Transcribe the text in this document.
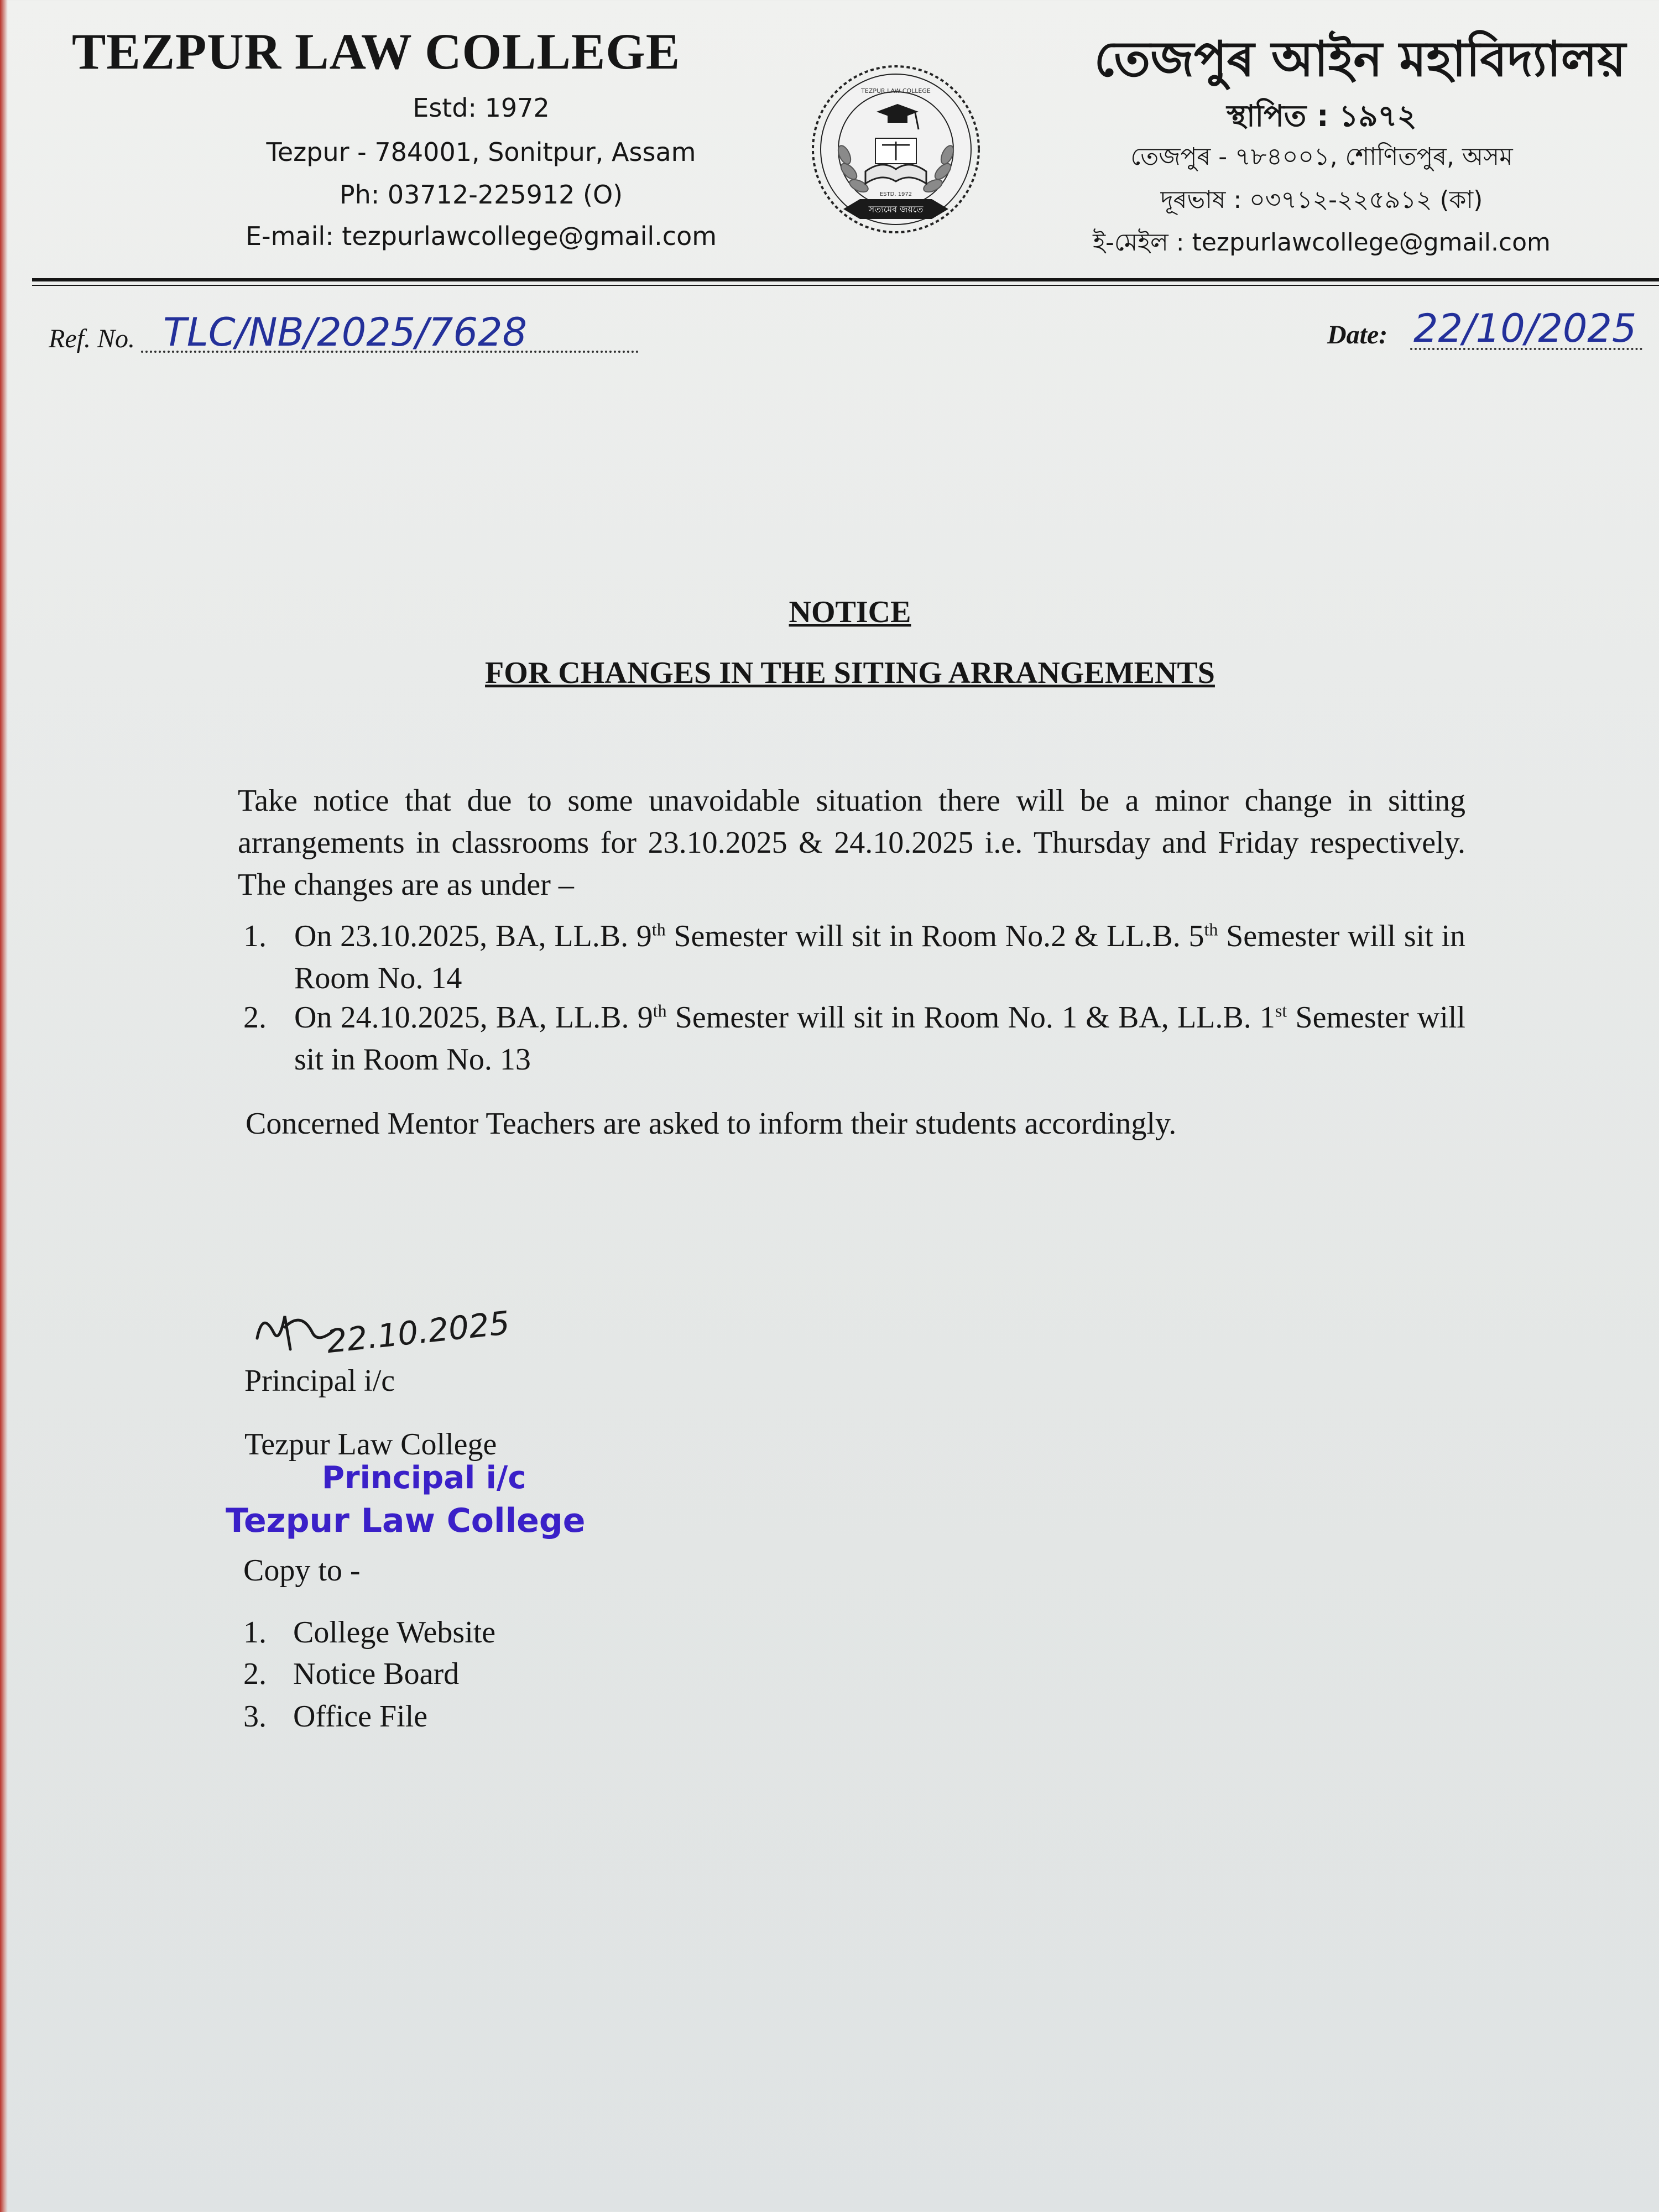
TEZPUR LAW COLLEGE
Estd: 1972
Tezpur - 784001, Sonitpur, Assam
Ph: 03712-225912 (O)
E-mail: tezpurlawcollege@gmail.com
সত্যমেব জয়তে
ESTD. 1972
TEZPUR LAW COLLEGE
তেজপুৰ আইন মহাবিদ্যালয়
স্থাপিত : ১৯৭২
তেজপুৰ - ৭৮৪০০১, শোণিতপুৰ, অসম
দূৰভাষ : ০৩৭১২-২২৫৯১২ (কা)
ই-মেইল : tezpurlawcollege@gmail.com
Ref. No. TLC/NB/2025/7628	Date: 22/10/2025
NOTICE
FOR CHANGES IN THE SITING ARRANGEMENTS
Take notice that due to some unavoidable situation there will be a minor change in sitting arrangements in classrooms for 23.10.2025 & 24.10.2025 i.e. Thursday and Friday respectively. The changes are as under –
1. On 23.10.2025, BA, LL.B. 9th Semester will sit in Room No.2 & LL.B. 5th Semester will sit in Room No. 14
2. On 24.10.2025, BA, LL.B. 9th Semester will sit in Room No. 1 & BA, LL.B. 1st Semester will sit in Room No. 13
Concerned Mentor Teachers are asked to inform their students accordingly.
22.10.2025
Principal i/c
Tezpur Law College
Principal i/c
Tezpur Law College
Copy to -
1. College Website
2. Notice Board
3. Office File
